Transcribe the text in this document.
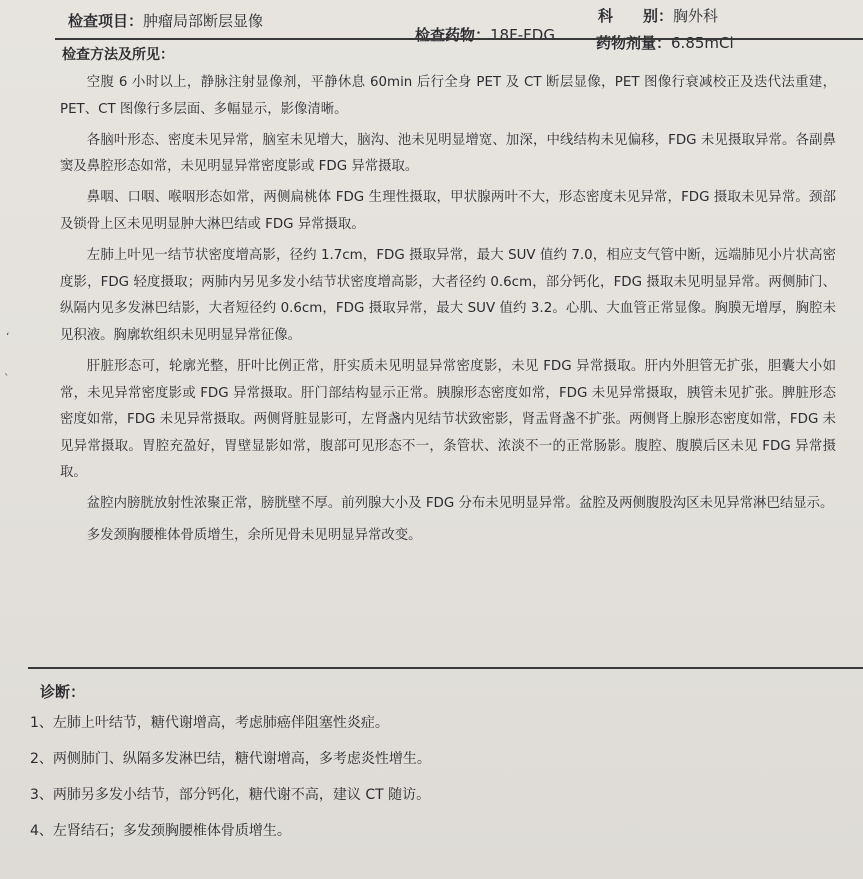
检查项目：肿瘤局部断层显像
检查药物：18F-FDG
科　　别：胸外科
药物剂量：6.85mCi
检查方法及所见：

空腹 6 小时以上，静脉注射显像剂，平静休息 60min 后行全身 PET 及 CT 断层显像，PET 图像行衰减校正及迭代法重建，PET、CT 图像行多层面、多幅显示，影像清晰。

各脑叶形态、密度未见异常，脑室未见增大，脑沟、池未见明显增宽、加深，中线结构未见偏移，FDG 未见摄取异常。各副鼻窦及鼻腔形态如常，未见明显异常密度影或 FDG 异常摄取。

鼻咽、口咽、喉咽形态如常，两侧扁桃体 FDG 生理性摄取，甲状腺两叶不大，形态密度未见异常，FDG 摄取未见异常。颈部及锁骨上区未见明显肿大淋巴结或 FDG 异常摄取。

左肺上叶见一结节状密度增高影，径约 1.7cm，FDG 摄取异常，最大 SUV 值约 7.0，相应支气管中断，远端肺见小片状高密度影，FDG 轻度摄取；两肺内另见多发小结节状密度增高影，大者径约 0.6cm，部分钙化，FDG 摄取未见明显异常。两侧肺门、纵隔内见多发淋巴结影，大者短径约 0.6cm，FDG 摄取异常，最大 SUV 值约 3.2。心肌、大血管正常显像。胸膜无增厚，胸腔未见积液。胸廓软组织未见明显异常征像。

肝脏形态可，轮廓光整，肝叶比例正常，肝实质未见明显异常密度影，未见 FDG 异常摄取。肝内外胆管无扩张，胆囊大小如常，未见异常密度影或 FDG 异常摄取。肝门部结构显示正常。胰腺形态密度如常，FDG 未见异常摄取，胰管未见扩张。脾脏形态密度如常，FDG 未见异常摄取。两侧肾脏显影可，左肾盏内见结节状致密影，肾盂肾盏不扩张。两侧肾上腺形态密度如常，FDG 未见异常摄取。胃腔充盈好，胃壁显影如常，腹部可见形态不一，条管状、浓淡不一的正常肠影。腹腔、腹膜后区未见 FDG 异常摄取。

盆腔内膀胱放射性浓聚正常，膀胱壁不厚。前列腺大小及 FDG 分布未见明显异常。盆腔及两侧腹股沟区未见异常淋巴结显示。

多发颈胸腰椎体骨质增生，余所见骨未见明显异常改变。

ʻ
ˋ
诊断：
1、左肺上叶结节，糖代谢增高，考虑肺癌伴阻塞性炎症。
2、两侧肺门、纵隔多发淋巴结，糖代谢增高，多考虑炎性增生。
3、两肺另多发小结节，部分钙化，糖代谢不高，建议 CT 随访。
4、左肾结石；多发颈胸腰椎体骨质增生。
